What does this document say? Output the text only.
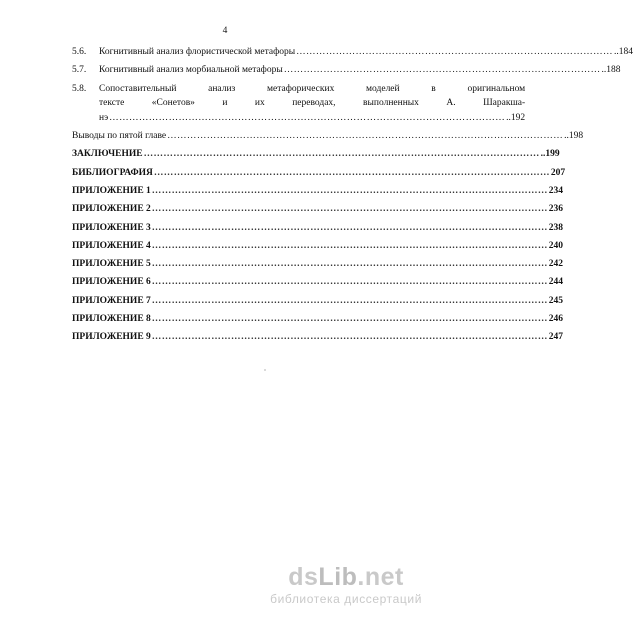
4
5.6.	Когнитивный анализ флористической метафоры …………………………………………………………………………………… ..184
5.7.	Когнитивный анализ морбиальной метафоры …………………………………………………………………………………… ..188
5.8.	Сопоставительный анализ метафорических моделей в оригинальном
тексте «Сонетов» и их переводах, выполненных А. Шаракша-
нэ ………………………………………………………………………………………………………… ..192
Выводы по пятой главе ………………………………………………………………………………………………………… ..198
ЗАКЛЮЧЕНИЕ ………………………………………………………………………………………………………… ..199
БИБЛИОГРАФИЯ ………………………………………………………………………………………………………… 207
ПРИЛОЖЕНИЕ 1 ………………………………………………………………………………………………………… 234
ПРИЛОЖЕНИЕ 2 ………………………………………………………………………………………………………… 236
ПРИЛОЖЕНИЕ 3 ………………………………………………………………………………………………………… 238
ПРИЛОЖЕНИЕ 4 ………………………………………………………………………………………………………… 240
ПРИЛОЖЕНИЕ 5 ………………………………………………………………………………………………………… 242
ПРИЛОЖЕНИЕ 6 ………………………………………………………………………………………………………… 244
ПРИЛОЖЕНИЕ 7 ………………………………………………………………………………………………………… 245
ПРИЛОЖЕНИЕ 8 ………………………………………………………………………………………………………… 246
ПРИЛОЖЕНИЕ 9 ………………………………………………………………………………………………………… 247
dsLib.net
библиотека диссертаций
